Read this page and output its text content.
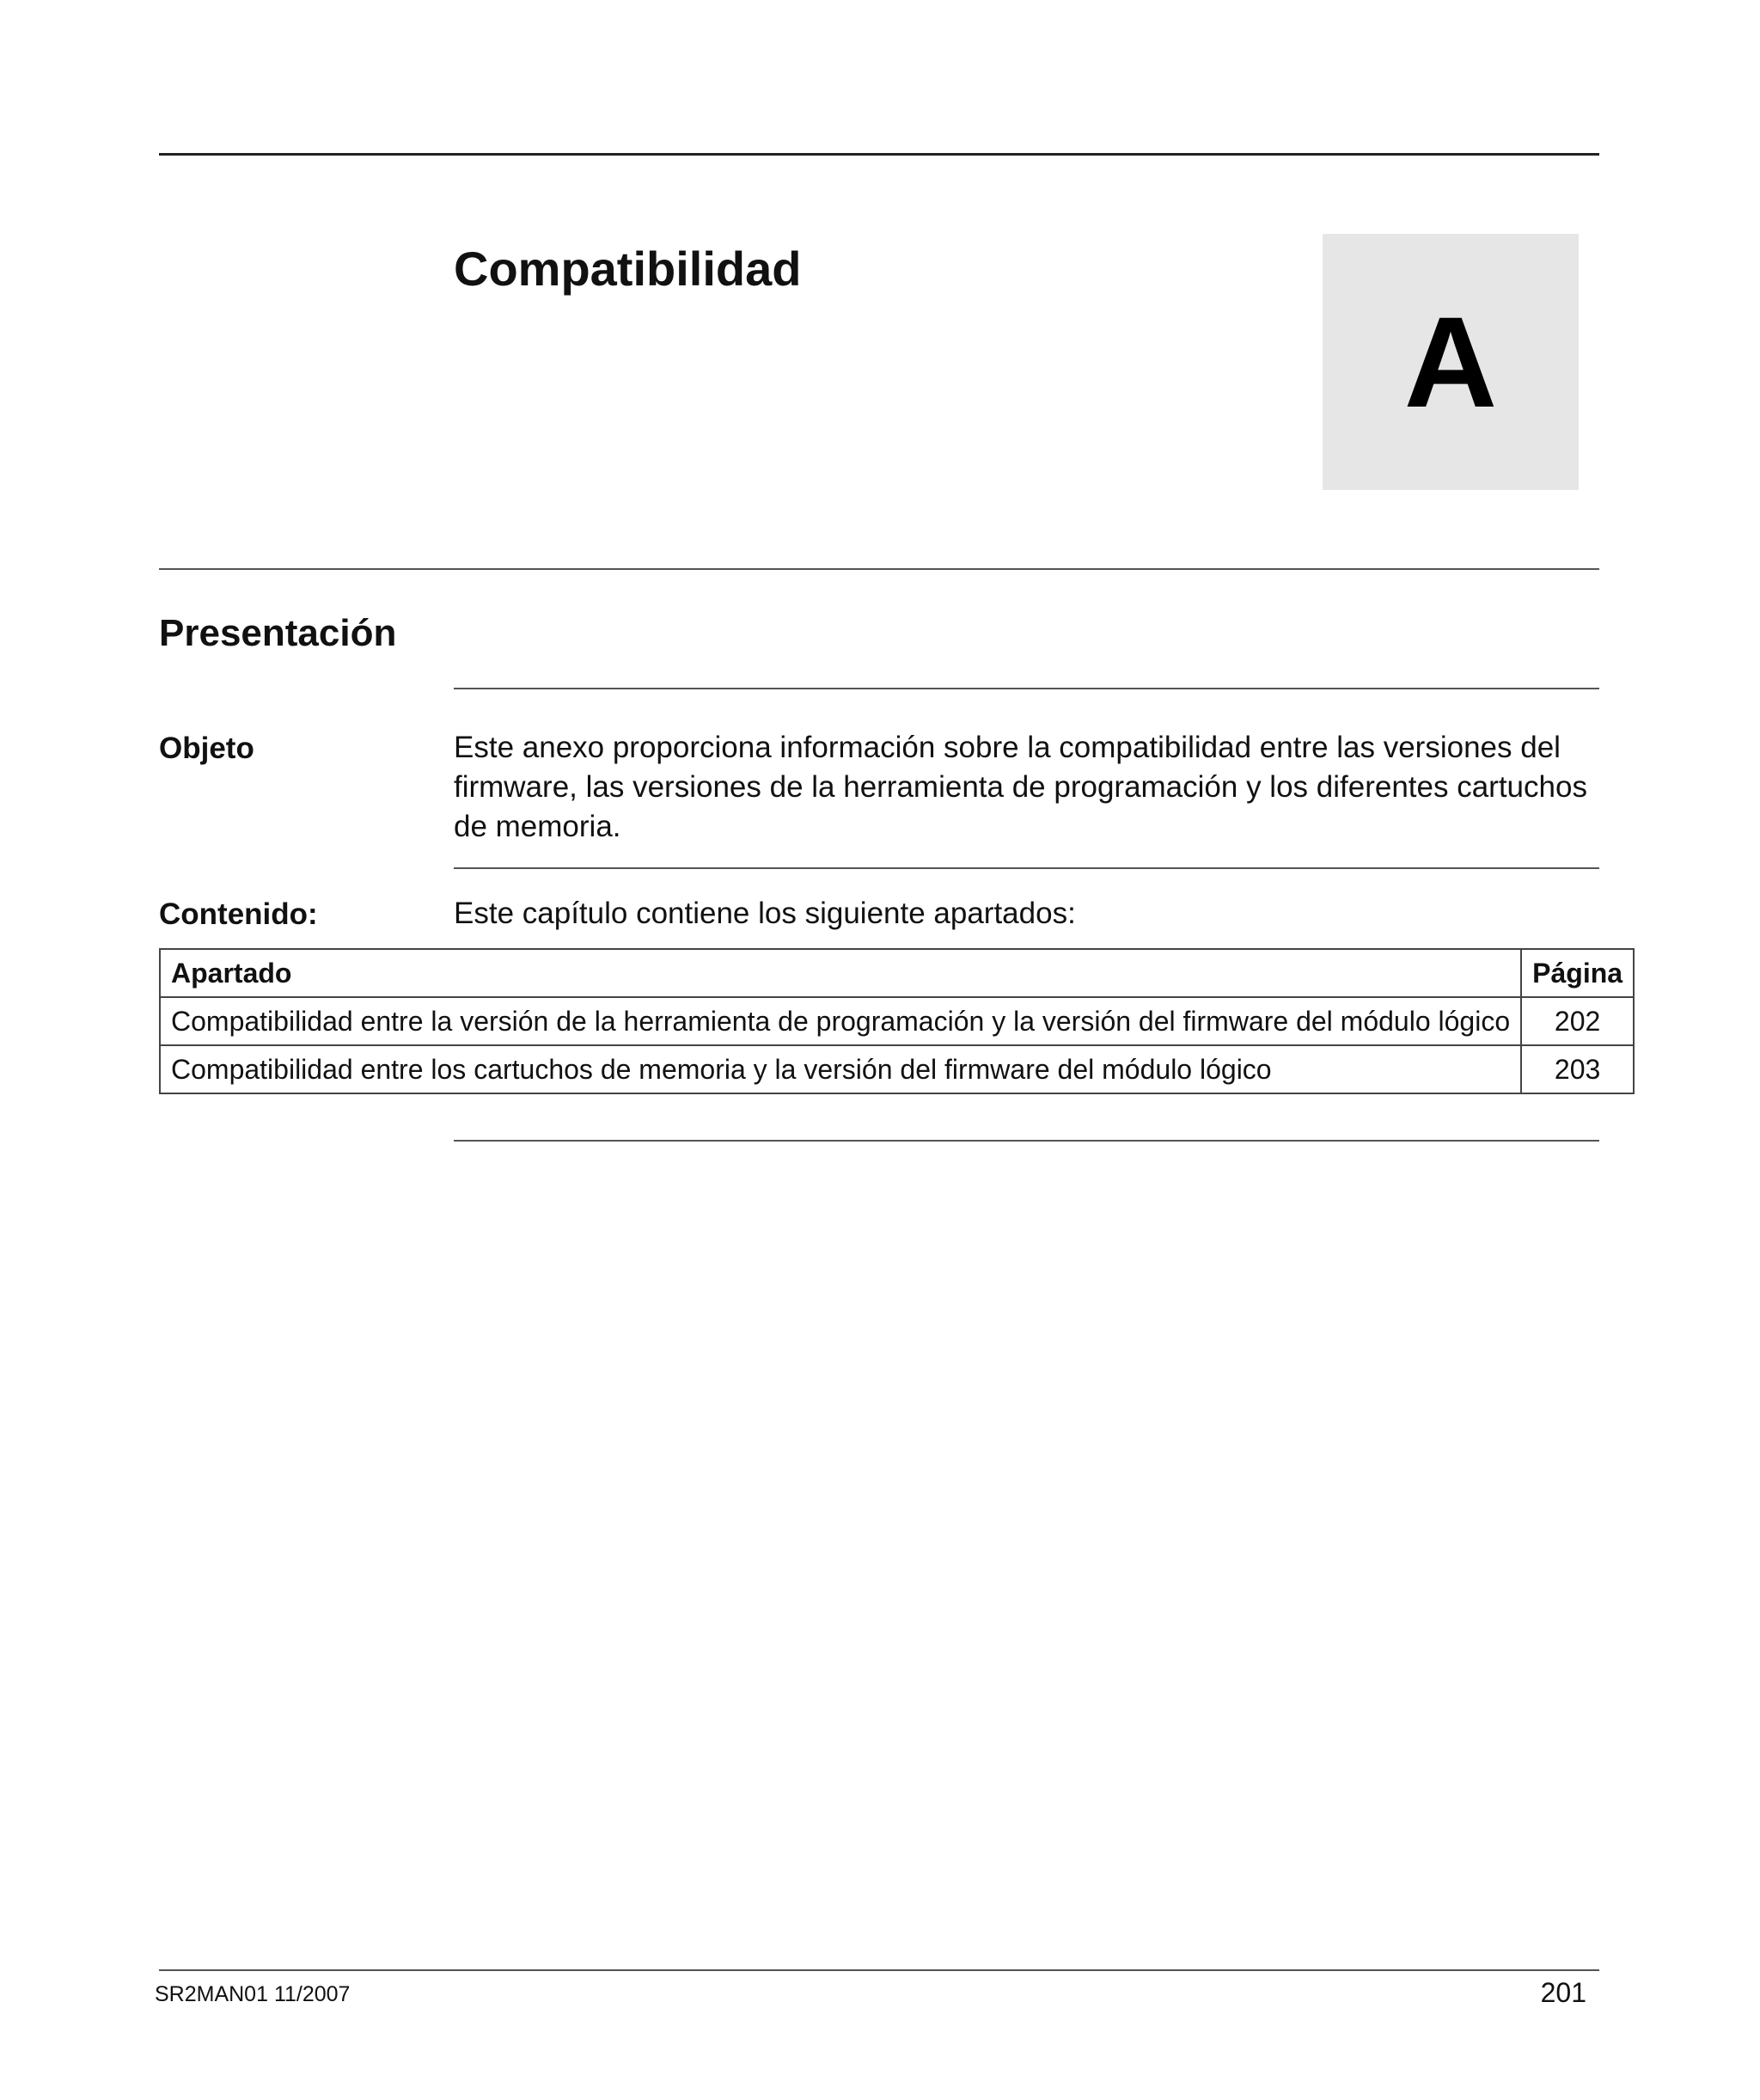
Compatibilidad
A
Presentación
Objeto	Este anexo proporciona información sobre la compatibilidad entre las versiones del firmware, las versiones de la herramienta de programación y los diferentes cartuchos de memoria.
Contenido:	Este capítulo contiene los siguiente apartados:
Apartado	Página
Compatibilidad entre la versión de la herramienta de programación y la versión del firmware del módulo lógico	202
Compatibilidad entre los cartuchos de memoria y la versión del firmware del módulo lógico	203
SR2MAN01 11/2007	201
